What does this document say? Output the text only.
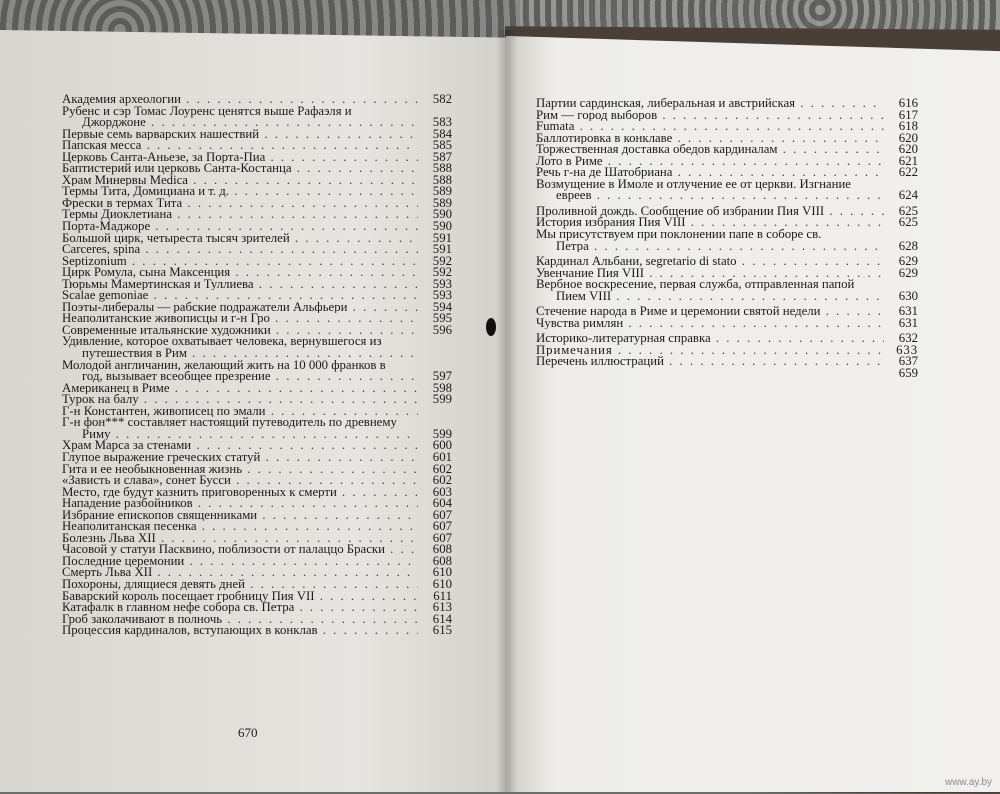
Академия археологии . . .	582
Рубенс и сэр Томас Лоуренс ценятся выше Рафаэля и
Джорджоне . . .	583
Первые семь варварских нашествий . . .	584
Папская месса . . .	585
Церковь Санта-Аньезе, за Порта-Пиа . . .	587
Баптистерий или церковь Санта-Костанца . . .	588
Храм Минервы Medica . . .	588
Термы Тита, Домициана и т. д. . . .	589
Фрески в термах Тита . . .	589
Термы Диоклетиана . . .	590
Порта-Маджоре . . .	590
Большой цирк, четыреста тысяч зрителей . . .	591
Carceres, spina . . .	591
Septizonium . . .	592
Цирк Ромула, сына Максенция . . .	592
Тюрьмы Мамертинская и Туллиева . . .	593
Scalae gemoniae . . .	593
Поэты-либералы — рабские подражатели Альфьери . . .	594
Неаполитанские живописцы и г-н Гро . . .	595
Современные итальянские художники . . .	596
Удивление, которое охватывает человека, вернувшегося из
путешествия в Рим . . .
Молодой англичанин, желающий жить на 10 000 франков в
год, вызывает всеобщее презрение . . .	597
Американец в Риме . . .	598
Турок на балу . . .	599
Г-н Константен, живописец по эмали . . .
Г-н фон*** составляет настоящий путеводитель по древнему
Риму . . .	599
Храм Марса за стенами . . .	600
Глупое выражение греческих статуй . . .	601
Гита и ее необыкновенная жизнь . . .	602
«Зависть и слава», сонет Бусси . . .	602
Место, где будут казнить приговоренных к смерти . . .	603
Нападение разбойников . . .	604
Избрание епископов священниками . . .	607
Неаполитанская песенка . . .	607
Болезнь Льва XII . . .	607
Часовой у статуи Пасквино, поблизости от палаццо Браски . . .	608
Последние церемонии . . .	608
Смерть Льва XII . . .	610
Похороны, длящиеся девять дней . . .	610
Баварский король посещает гробницу Пия VII . . .	611
Катафалк в главном нефе собора св. Петра . . .	613
Гроб заколачивают в полночь . . .	614
Процессия кардиналов, вступающих в конклав . . .	615
670
Партии сардинская, либеральная и австрийская . . .	616
Рим — город выборов . . .	617
Fumata . . .	618
Баллотировка в конклаве . . .	620
Торжественная доставка обедов кардиналам . . .	620
Лото в Риме . . .	621
Речь г-на де Шатобриана . . .	622
Возмущение в Имоле и отлучение ее от церкви. Изгнание
евреев . . .	624
Проливной дождь. Сообщение об избрании Пия VIII . . .	625
История избрания Пия VIII . . .	625
Мы присутствуем при поклонении папе в соборе св.
Петра . . .	628
Кардинал Альбани, segretario di stato . . .	629
Увенчание Пия VIII . . .	629
Вербное воскресение, первая служба, отправленная папой
Пием VIII . . .	630
Стечение народа в Риме и церемонии святой недели . . .	631
Чувства римлян . . .	631
Историко-литературная справка . . .	632
Примечания . . .	633
Перечень иллюстраций . . .	637
659
www.ay.by
